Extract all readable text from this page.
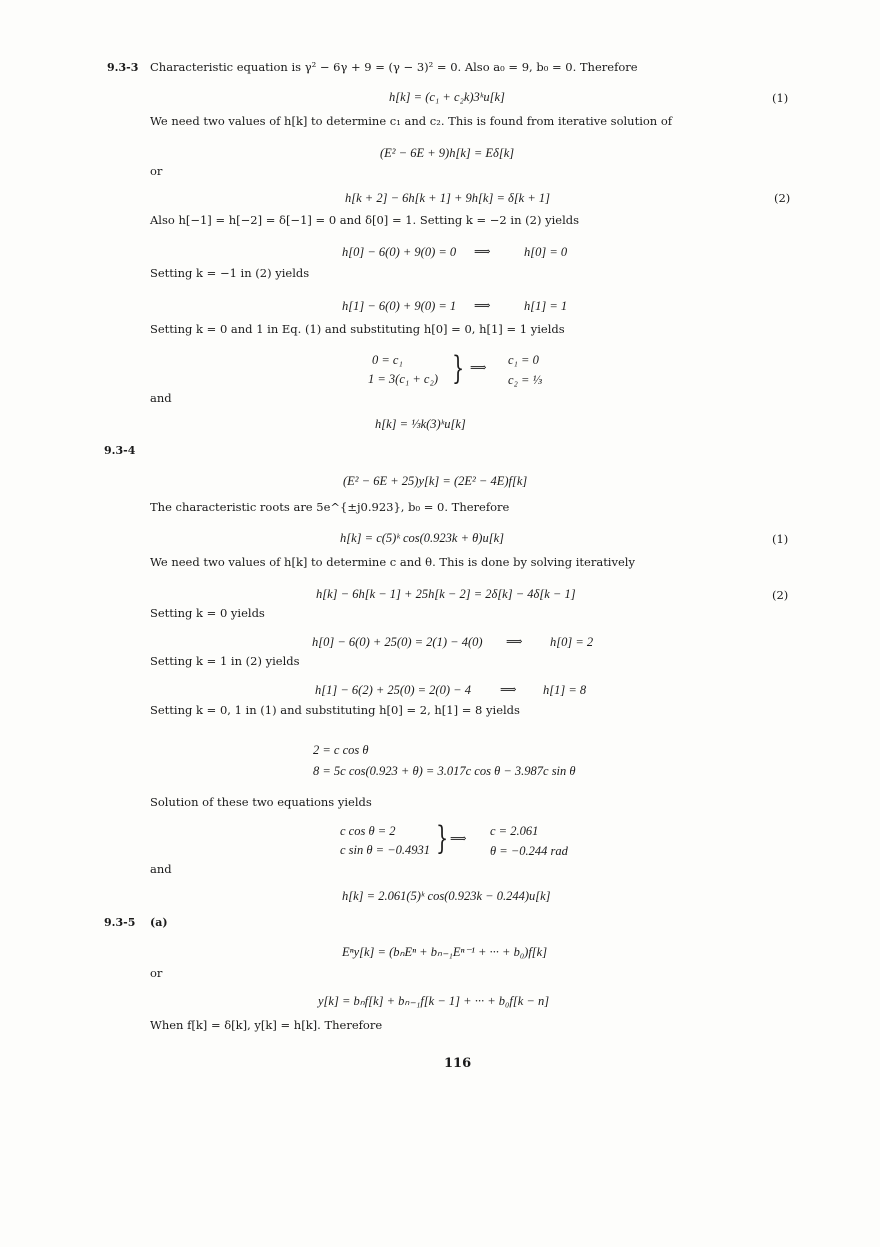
9.3-3 Characteristic equation is γ² − 6γ + 9 = (γ − 3)² = 0. Also a₀ = 9, b₀ = 0. Therefore
h[k] = (c₁ + c₂k)3ᵏu[k]	(1)
We need two values of h[k] to determine c₁ and c₂. This is found from iterative solution of
(E² − 6E + 9)h[k] = Eδ[k]
or
h[k + 2] − 6h[k + 1] + 9h[k] = δ[k + 1]	(2)
Also h[−1] = h[−2] = δ[−1] = 0 and δ[0] = 1. Setting k = −2 in (2) yields
h[0] − 6(0) + 9(0) = 0 ⟹	h[0] = 0
Setting k = −1 in (2) yields
h[1] − 6(0) + 9(0) = 1 ⟹	h[1] = 1
Setting k = 0 and 1 in Eq. (1) and substituting h[0] = 0, h[1] = 1 yields
0 = c₁
1 = 3(c₁ + c₂) } ⟹ c₁ = 0
c₂ = ⅓
and
h[k] = ⅓k(3)ᵏu[k]
9.3-4
(E² − 6E + 25)y[k] = (2E² − 4E)f[k]
The characteristic roots are 5e^{±j0.923}, b₀ = 0. Therefore
h[k] = c(5)ᵏ cos(0.923k + θ)u[k]	(1)
We need two values of h[k] to determine c and θ. This is done by solving iteratively
h[k] − 6h[k − 1] + 25h[k − 2] = 2δ[k] − 4δ[k − 1]	(2)
Setting k = 0 yields
h[0] − 6(0) + 25(0) = 2(1) − 4(0) ⟹ h[0] = 2
Setting k = 1 in (2) yields
h[1] − 6(2) + 25(0) = 2(0) − 4	⟹ h[1] = 8
Setting k = 0, 1 in (1) and substituting h[0] = 2, h[1] = 8 yields
2 = c cos θ
8 = 5c cos(0.923 + θ) = 3.017c cos θ − 3.987c sin θ
Solution of these two equations yields
c cos θ = 2
c sin θ = −0.4931 } ⟹ c = 2.061
θ = −0.244 rad
and
h[k] = 2.061(5)ᵏ cos(0.923k − 0.244)u[k]
9.3-5 (a)
Eⁿy[k] = (bₙEⁿ + bₙ₋₁Eⁿ⁻¹ + ··· + b₀)f[k]
or
y[k] = bₙf[k] + bₙ₋₁f[k − 1] + ··· + b₀f[k − n]
When f[k] = δ[k], y[k] = h[k]. Therefore
116
